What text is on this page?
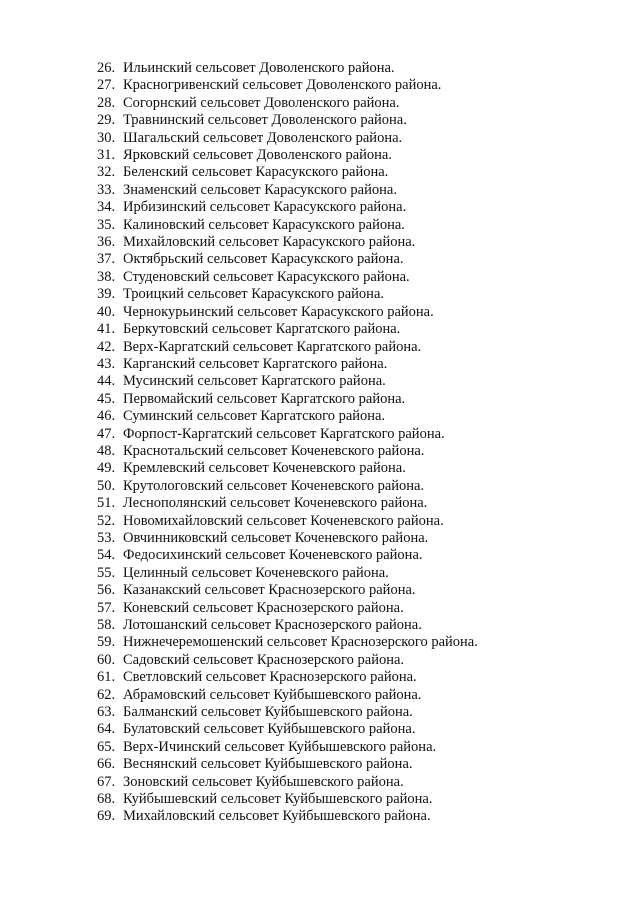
26. Ильинский сельсовет Доволенского района.
27. Красногривенский сельсовет Доволенского района.
28. Согорнский сельсовет Доволенского района.
29. Травнинский сельсовет Доволенского района.
30. Шагальский сельсовет Доволенского района.
31. Ярковский сельсовет Доволенского района.
32. Беленский сельсовет Карасукского района.
33. Знаменский сельсовет Карасукского района.
34. Ирбизинский сельсовет Карасукского района.
35. Калиновский сельсовет Карасукского района.
36. Михайловский сельсовет Карасукского района.
37. Октябрьский сельсовет Карасукского района.
38. Студеновский сельсовет Карасукского района.
39. Троицкий сельсовет Карасукского района.
40. Чернокурьинский сельсовет Карасукского района.
41. Беркутовский сельсовет Каргатского района.
42. Верх-Каргатский сельсовет Каргатского района.
43. Карганский сельсовет Каргатского района.
44. Мусинский сельсовет Каргатского района.
45. Первомайский сельсовет Каргатского района.
46. Суминский сельсовет Каргатского района.
47. Форпост-Каргатский сельсовет Каргатского района.
48. Краснотальский сельсовет Коченевского района.
49. Кремлевский сельсовет Коченевского района.
50. Крутологовский сельсовет Коченевского района.
51. Леснополянский сельсовет Коченевского района.
52. Новомихайловский сельсовет Коченевского района.
53. Овчинниковский сельсовет Коченевского района.
54. Федосихинский сельсовет Коченевского района.
55. Целинный сельсовет Коченевского района.
56. Казанакский сельсовет Краснозерского района.
57. Коневский сельсовет Краснозерского района.
58. Лотошанский сельсовет Краснозерского района.
59. Нижнечеремошенский сельсовет Краснозерского района.
60. Садовский сельсовет Краснозерского района.
61. Светловский сельсовет Краснозерского района.
62. Абрамовский сельсовет Куйбышевского района.
63. Балманский сельсовет Куйбышевского района.
64. Булатовский сельсовет Куйбышевского района.
65. Верх-Ичинский сельсовет Куйбышевского района.
66. Веснянский сельсовет Куйбышевского района.
67. Зоновский сельсовет Куйбышевского района.
68. Куйбышевский сельсовет Куйбышевского района.
69. Михайловский сельсовет Куйбышевского района.
